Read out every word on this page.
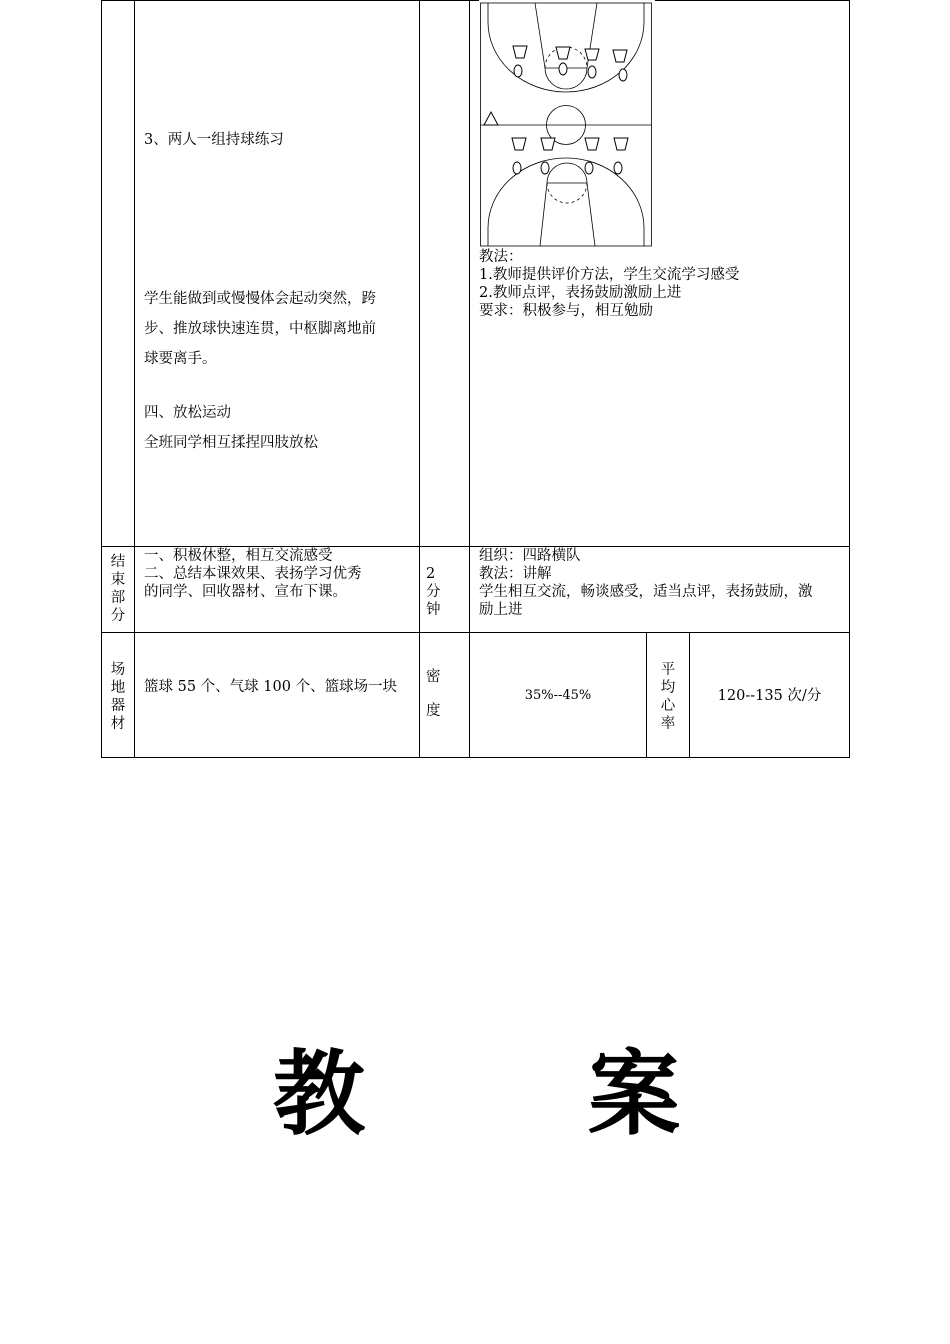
3、两人一组持球练习
学生能做到或慢慢体会起动突然，跨
步、推放球快速连贯，中枢脚离地前
球要离手。
四、放松运动
全班同学相互揉捏四肢放松
教法：
1.教师提供评价方法，学生交流学习感受
2.教师点评，表扬鼓励激励上进
要求：积极参与，相互勉励
结
束
部
分
一、积极休整，相互交流感受
二、总结本课效果、表扬学习优秀
的同学、回收器材、宣布下课。
2
分
钟
组织：四路横队
教法：讲解
学生相互交流，畅谈感受，适当点评，表扬鼓励，激
励上进
场
地
器
材
篮球 55 个、气球 100 个、篮球场一块
密
度
35%--45%
平
均
心
率
120--135 次/分
教 案
